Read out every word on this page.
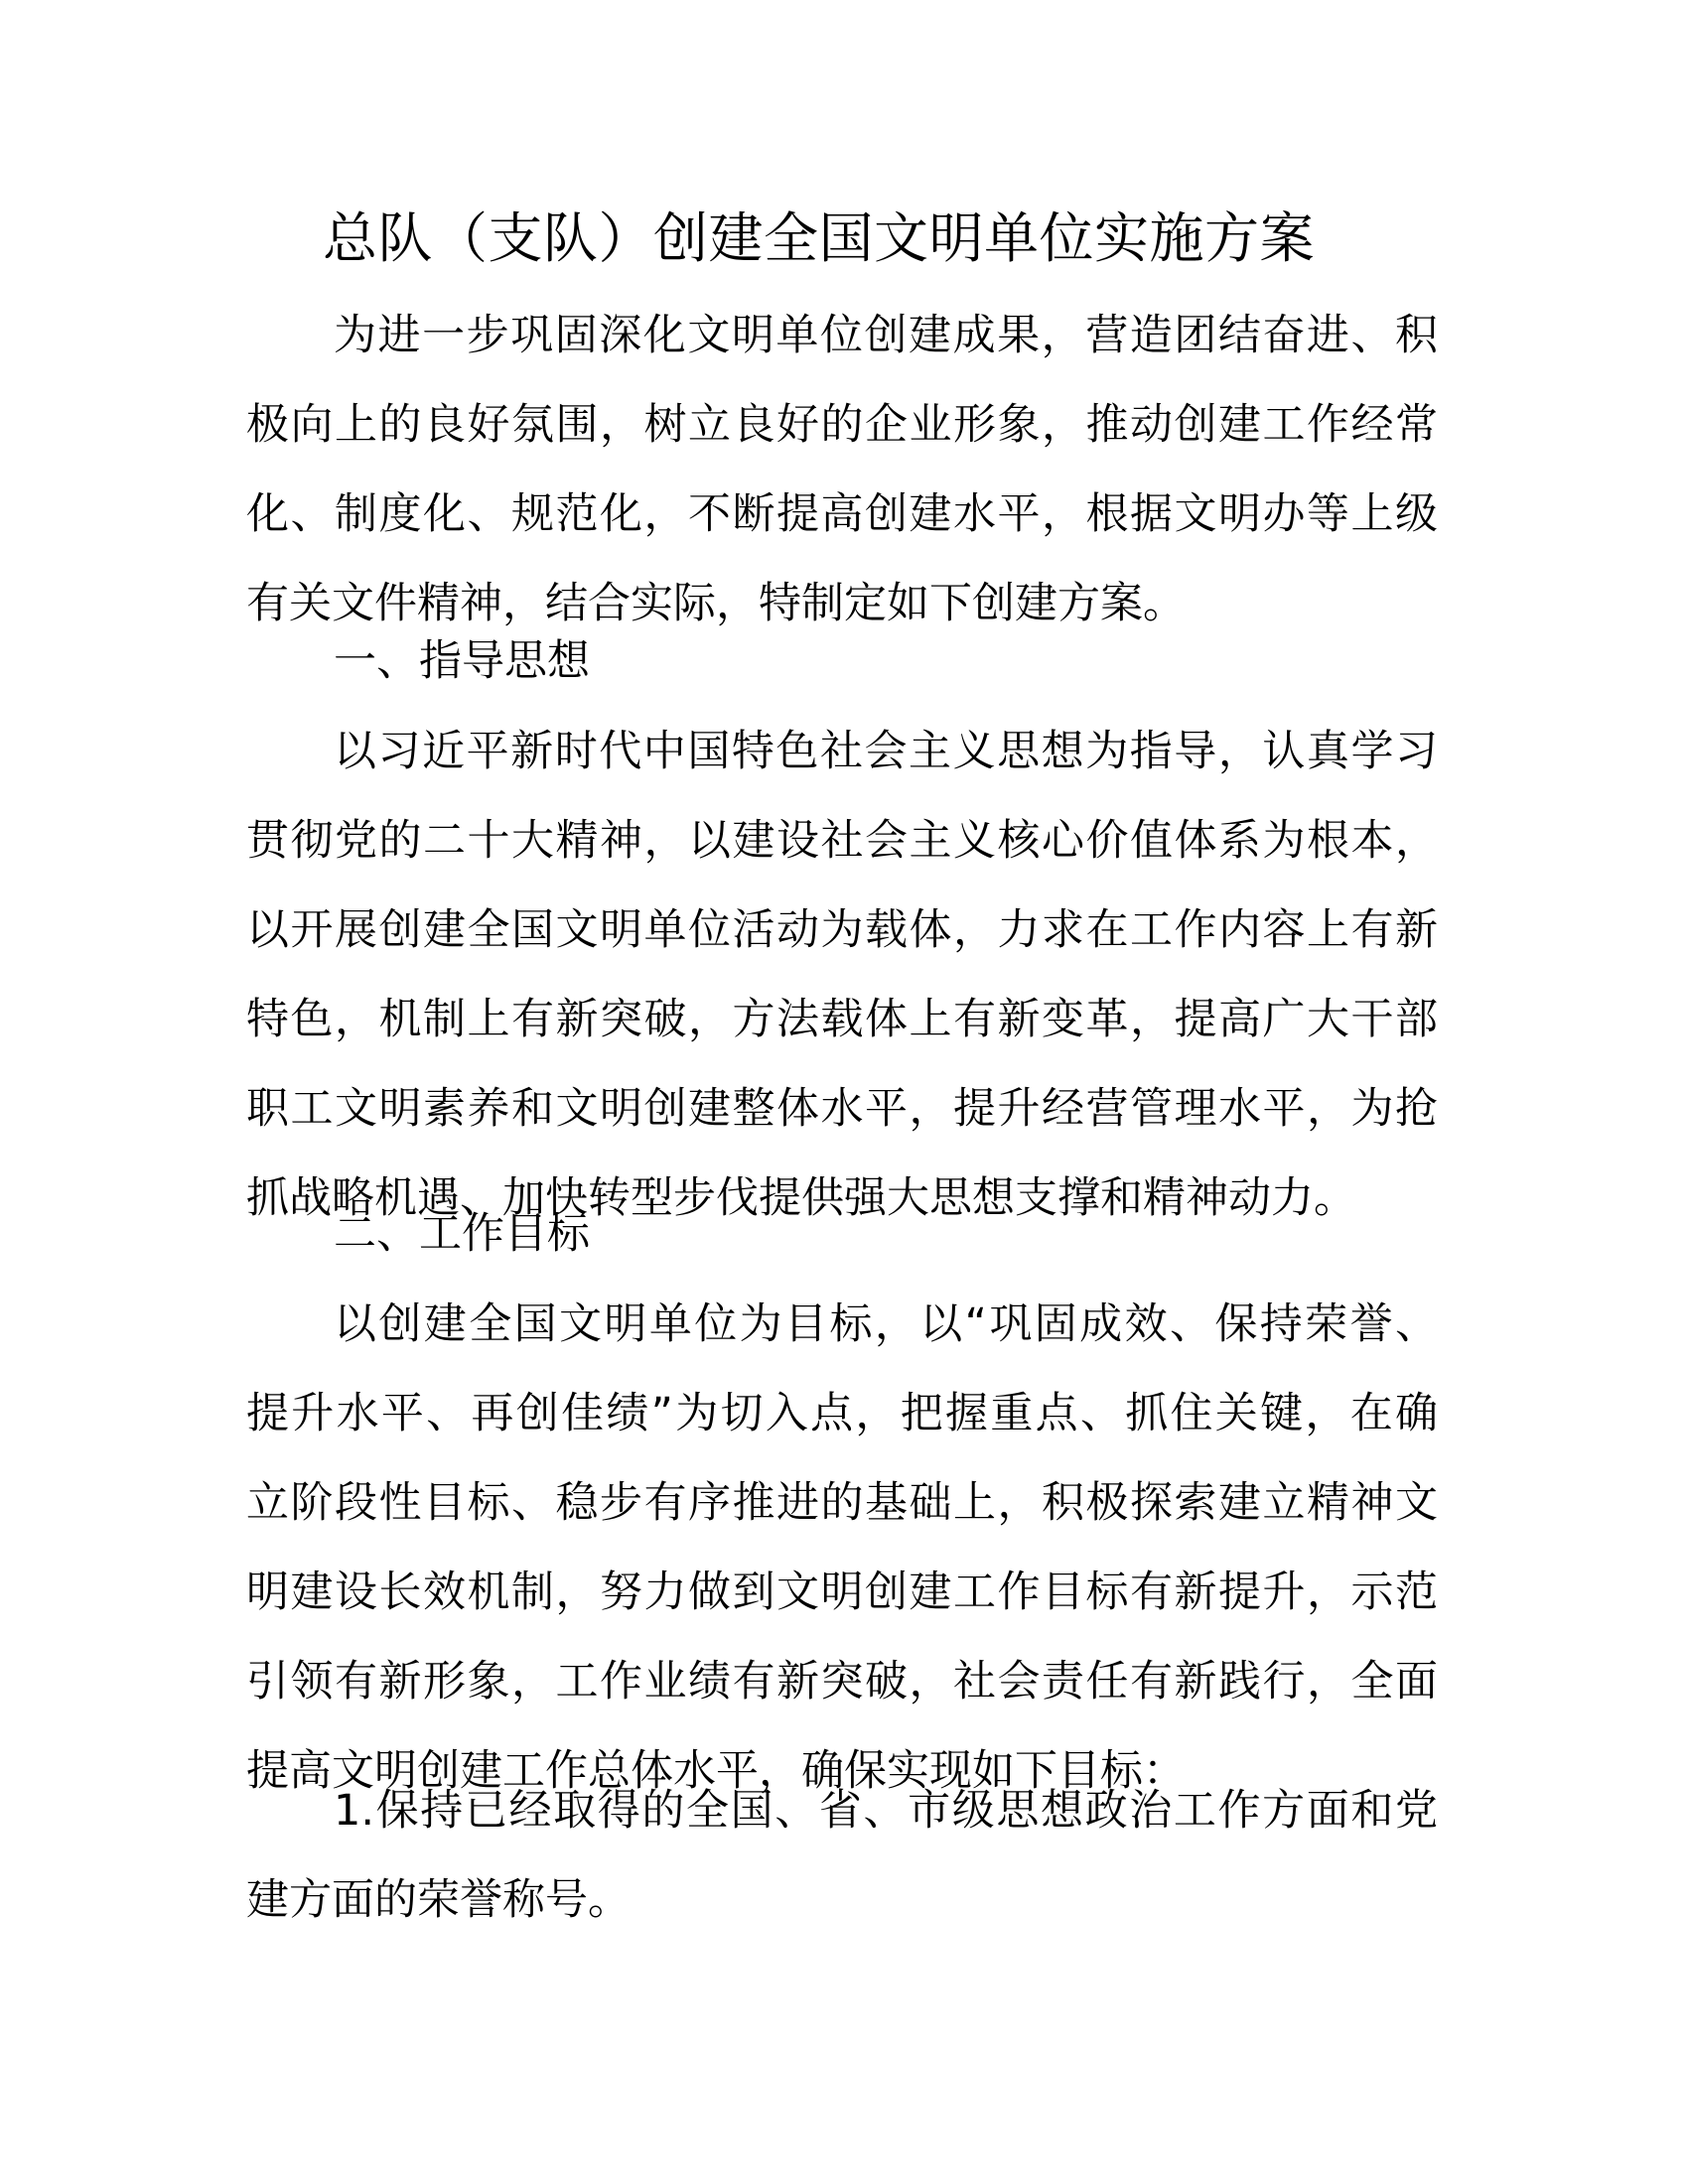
总队（支队）创建全国文明单位实施方案
为进一步巩固深化文明单位创建成果，营造团结奋进、积
极向上的良好氛围，树立良好的企业形象，推动创建工作经常
化、制度化、规范化，不断提高创建水平，根据文明办等上级
有关文件精神，结合实际，特制定如下创建方案。
一、指导思想
以习近平新时代中国特色社会主义思想为指导，认真学习
贯彻党的二十大精神，以建设社会主义核心价值体系为根本，
以开展创建全国文明单位活动为载体，力求在工作内容上有新
特色，机制上有新突破，方法载体上有新变革，提高广大干部
职工文明素养和文明创建整体水平，提升经营管理水平，为抢
抓战略机遇、加快转型步伐提供强大思想支撑和精神动力。
二、工作目标
以创建全国文明单位为目标，以“巩固成效、保持荣誉、
提升水平、再创佳绩”为切入点，把握重点、抓住关键，在确
立阶段性目标、稳步有序推进的基础上，积极探索建立精神文
明建设长效机制，努力做到文明创建工作目标有新提升，示范
引领有新形象，工作业绩有新突破，社会责任有新践行，全面
提高文明创建工作总体水平，确保实现如下目标：
1.保持已经取得的全国、省、市级思想政治工作方面和党
建方面的荣誉称号。
